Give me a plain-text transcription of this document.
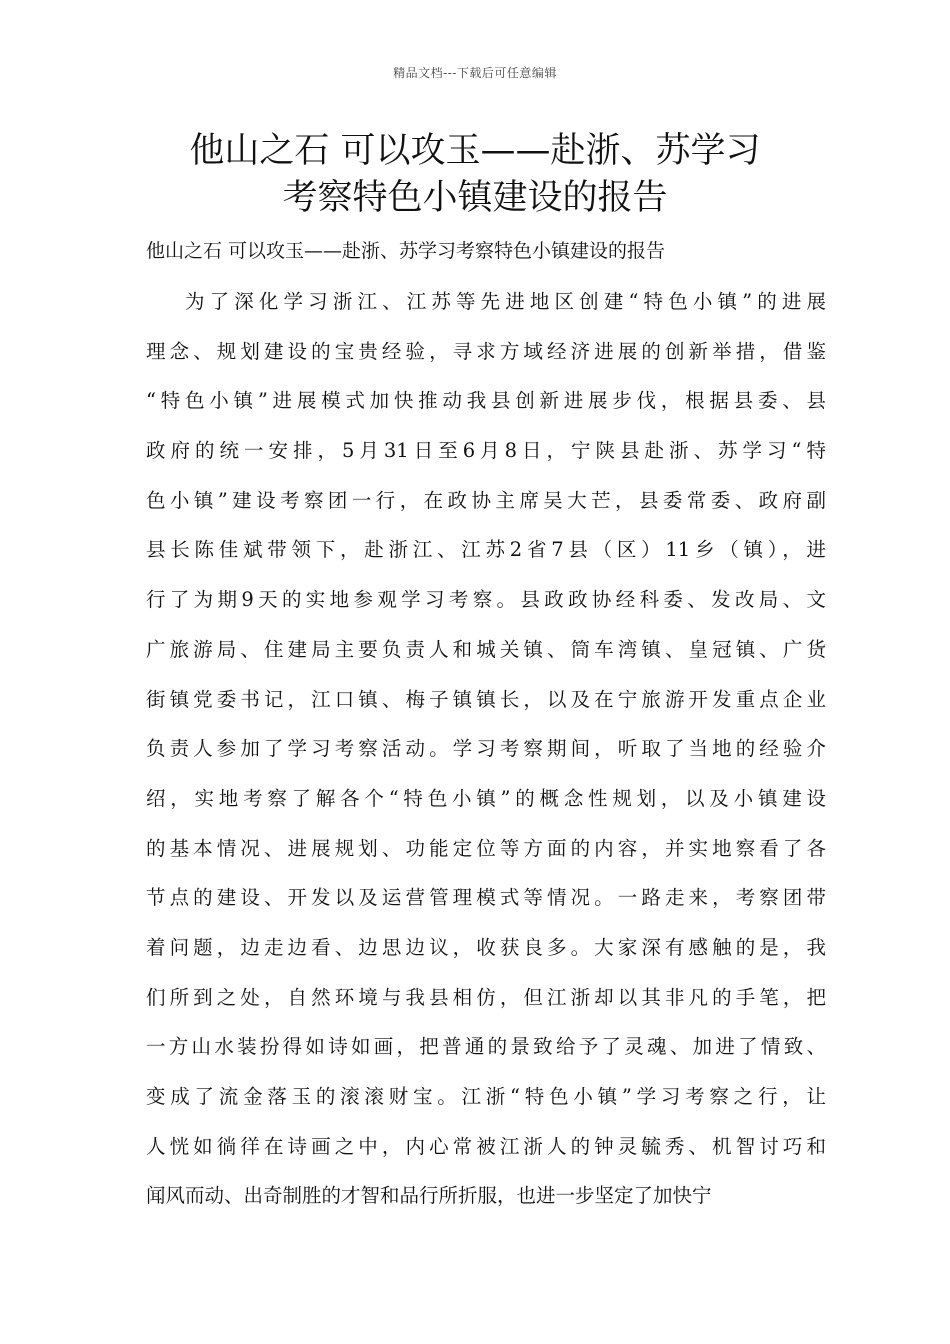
精品文档---下载后可任意编辑
他山之石 可以攻玉——赴浙、苏学习
考察特色小镇建设的报告
他山之石 可以攻玉——赴浙、苏学习考察特色小镇建设的报告
为了深化学习浙江、江苏等先进地区创建“特色小镇”的进展
理念、规划建设的宝贵经验，寻求方域经济进展的创新举措，借鉴
“特色小镇”进展模式加快推动我县创新进展步伐，根据县委、县
政府的统一安排，5月31日至6月8日，宁陕县赴浙、苏学习“特
色小镇”建设考察团一行，在政协主席吴大芒，县委常委、政府副
县长陈佳斌带领下，赴浙江、江苏2省7县（区）11乡（镇），进
行了为期9天的实地参观学习考察。县政政协经科委、发改局、文
广旅游局、住建局主要负责人和城关镇、筒车湾镇、皇冠镇、广货
街镇党委书记，江口镇、梅子镇镇长，以及在宁旅游开发重点企业
负责人参加了学习考察活动。学习考察期间，听取了当地的经验介
绍，实地考察了解各个“特色小镇”的概念性规划，以及小镇建设
的基本情况、进展规划、功能定位等方面的内容，并实地察看了各
节点的建设、开发以及运营管理模式等情况。一路走来，考察团带
着问题，边走边看、边思边议，收获良多。大家深有感触的是，我
们所到之处，自然环境与我县相仿，但江浙却以其非凡的手笔，把
一方山水装扮得如诗如画，把普通的景致给予了灵魂、加进了情致、
变成了流金落玉的滚滚财宝。江浙“特色小镇”学习考察之行，让
人恍如徜徉在诗画之中，内心常被江浙人的钟灵毓秀、机智讨巧和
闻风而动、出奇制胜的才智和品行所折服，也进一步坚定了加快宁
